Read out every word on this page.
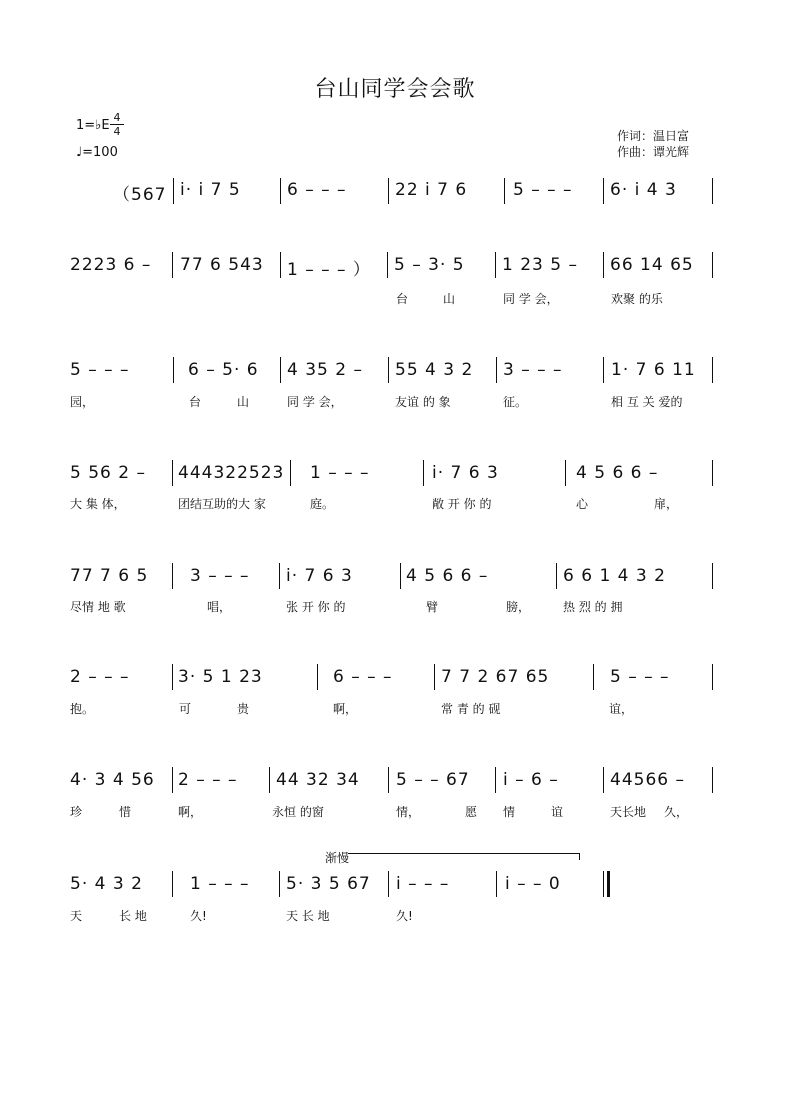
台山同学会会歌
1=♭E
4
4
♩=100
作词：温日富
作曲：谭光辉
（567 i· i 7 5	6 – – –	22 i 7 6	5 – – – 6· i 4 3
2223 6 – 77 6 543 1 – – – ） 5 – 3· 5 1 23 5 – 66 14 65
台	山	同 学 会，	欢聚 的乐
5 – – –	6 – 5· 6 4 35 2 – 55 4 3 2 3 – – –	1· 7 6 11
园，	台	山	同 学 会，	友谊 的 象	征。	相 互 关 爱的
5 56 2 – 444322523 1 – – –	i· 7 6 3	4 5 6 6 –
大 集 体，	团结互助的大 家	庭。	敞 开 你 的	心	扉，
77 7 6 5 3 – – – i· 7 6 3	4 5 6 6 –	6 6 1 4 3 2
尽情 地 歌	唱，	张 开 你 的	臂	膀，	热 烈 的 拥
2 – – –	3· 5 1 23	6 – – –	7 7 2 67 65	5 – – –
抱。	可	贵	啊，	常 青 的 砚	谊，
4· 3 4 56 2 – – – 44 32 34 5 – – 67 i – 6 –	44566 –
珍	惜	啊，	永恒 的窗	情，	愿 情	谊	天长地 久，
渐慢
5· 4 3 2	1 – – – 5· 3 5 67 i – – –	i – – 0
天	长 地	久!	天 长 地	久!
